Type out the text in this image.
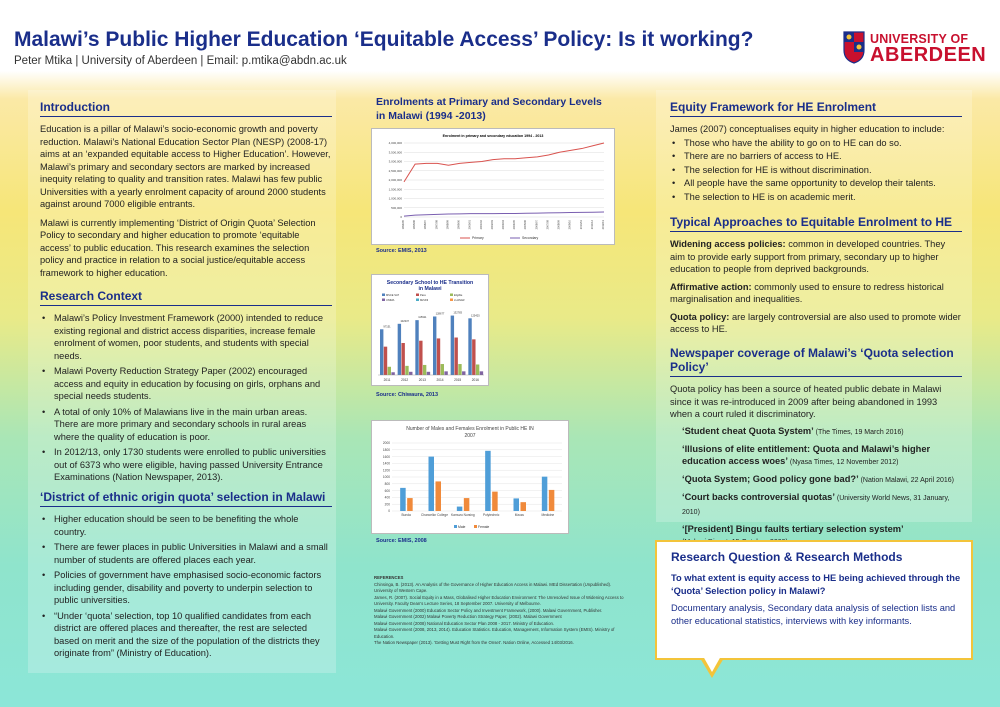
Malawi’s Public Higher Education ‘Equitable Access’ Policy: Is it working?
Peter Mtika | University of Aberdeen | Email: p.mtika@abdn.ac.uk
UNIVERSITY OF
ABERDEEN
Introduction

Education is a pillar of Malawi’s socio-economic growth and poverty reduction. Malawi’s National Education Sector Plan (NESP) (2008-17) aims at an ‘expanded equitable access to Higher Education’. However, Malawi’s primary and secondary sectors are marked by increased inequity relating to quality and transition rates. Malawi has few public Universities with a yearly enrolment capacity of around 2000 students against around 7000 eligible entrants.

Malawi is currently implementing ‘District of Origin Quota’ Selection Policy to secondary and higher education to promote ‘equitable access’ to public education. This research examines the selection policy and practice in relation to a social justice/equitable access framework to higher education.

Research Context
• Malawi’s Policy Investment Framework (2000) intended to reduce existing regional and district access disparities, increase female enrolment of women, poor students, and students with special needs.
• Malawi Poverty Reduction Strategy Paper (2002) encouraged access and equity in education by focusing on girls, orphans and special needs students.
• A total of only 10% of Malawians live in the main urban areas. There are more primary and secondary schools in rural areas where the quality of education is poor.
• In 2012/13, only 1730 students were enrolled to public universities out of 6373 who were eligible, having passed University Entrance Examinations (Nation Newspaper, 2013).
‘District of ethnic origin quota’ selection in Malawi
• Higher education should be seen to be benefiting the whole country.
• There are fewer places in public Universities in Malawi and a small number of students are offered places each year.
• Policies of government have emphasised socio-economic factors including gender, disability and poverty to underpin selection to public universities.
• “Under ‘quota’ selection, top 10 qualified candidates from each district are offered places and thereafter, the rest are selected based on merit and the size of the population of the districts they originate from” (Ministry of Education).
Enrolments at Primary and Secondary Levels in Malawi (1994 -2013)
Enrolment in primary and secondary education 1994 - 2013
4,000,000
3,500,000
3,000,000
2,500,000
2,000,000
1,500,000
1,000,000
500,000
0
1994/95	1995/96	1996/97	1997/98	1998/99	1999/00	2000/01	2001/02	2002/03	2003/04	2004/05	2005/06	2006/07	2007/08	2008/09	2009/10	2010/11	2011/12	2012/13
Primary	Secondary
Source: EMIS, 2013
Secondary School to HE Transition
in Malawi
MSCE SAT	Pass	Eligible
UNIMA	MZUNI	LUANAR
97151
2011
102337
2012
115911
2013
128677
2014
132783
2015
125425
2016
Source: Chiwaura, 2013
Number of Males and Females Enrolment in Public HE IN
2007
2000
1800
1600
1400
1200
1000
800
600
400
200
0
Bunda	Chancellor College Kamuzu Nursing	Polytechnic	Mzuzu	Medicine
Male	Female
Source: EMIS, 2008
REFERENCES
Chinsinga, B. (2013). An Analysis of the Governance of Higher Education Access in Malawi. MEd Dissertation (Unpublished). University of Western Cape.
James, R. (2007). Social Equity in a Mass, Globalised Higher Education Environment: The Unresolved Issue of Widening Access to University. Faculty Dean's Lecture Series, 18 September 2007. University of Melbourne.
Malawi Government (2000) Education Sector Policy and Investment Framework, (2000). Malawi Government, Publisher.
Malawi Government (2002) Malawi Poverty Reduction Strategy Paper, (2002). Malawi Government
Malawi Government (2008) National Education Sector Plan 2008 - 2017. Ministry of Education.
Malawi Government (2008, 2013, 2014). Education Statistics. Education, Management, Information System (EMIS). Ministry of Education.
The Nation Newspaper (2013). 'Getting Must Right from the Onset'. Nation Online, Accessed 14/03/2016.
Equity Framework for HE Enrolment

James (2007) conceptualises equity in higher education to include:

• Those who have the ability to go on to HE can do so.
• There are no barriers of access to HE.
• The selection for HE is without discrimination.
• All people have the same opportunity to develop their talents.
• The selection to HE is on academic merit.
Typical Approaches to Equitable Enrolment to HE

Widening access policies: common in developed countries. They aim to provide early support from primary, secondary up to higher education to people from deprived backgrounds.

Affirmative action: commonly used to ensure to redress historical marginalisation and inequalities.

Quota policy: are largely controversial are also used to promote wider access to HE.

Newspaper coverage of Malawi’s ‘Quota selection Policy’

Quota policy has been a source of heated public debate in Malawi since it was re-introduced in 2009 after being abandoned in 1993 when a court ruled it discriminatory.

‘Student cheat Quota System’ (The Times, 19 March 2016)
‘Illusions of elite entitlement: Quota and Malawi’s higher education access woes’ (Nyasa Times, 12 November 2012)
‘Quota System; Good policy gone bad?’ (Nation Malawi, 22 April 2016)
‘Court backs controversial quotas’ (University World News, 31 January, 2010)
‘[President] Bingu faults tertiary selection system’

Research Question & Research Methods

To what extent is equity access to HE being achieved through the ‘Quota’ Selection policy in Malawi?

Documentary analysis, Secondary data analysis of selection lists and other educational statistics, interviews with key informants.
